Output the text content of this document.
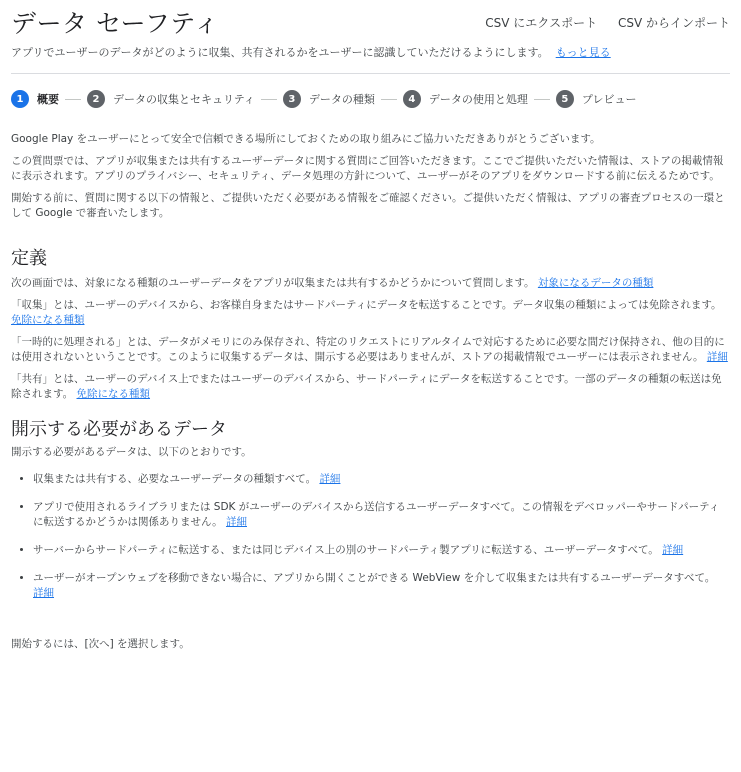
データ セーフティ	CSV にエクスポート CSV からインポート
アプリでユーザーのデータがどのように収集、共有されるかをユーザーに認識していただけるようにします。 もっと見る
1	概要	2	データの収集とセキュリティ	3	データの種類	4	データの使用と処理	5	プレビュー

Google Play をユーザーにとって安全で信頼できる場所にしておくための取り組みにご協力いただきありがとうございます。

この質問票では、アプリが収集または共有するユーザーデータに関する質問にご回答いただきます。ここでご提供いただいた情報は、ストアの掲載情報に表示されます。アプリのプライバシー、セキュリティ、データ処理の方針について、ユーザーがそのアプリをダウンロードする前に伝えるためです。

開始する前に、質問に関する以下の情報と、ご提供いただく必要がある情報をご確認ください。ご提供いただく情報は、アプリの審査プロセスの一環として Google で審査いたします。

定義

次の画面では、対象になる種類のユーザーデータをアプリが収集または共有するかどうかについて質問します。 対象になるデータの種類

「収集」とは、ユーザーのデバイスから、お客様自身またはサードパーティにデータを転送することです。データ収集の種類によっては免除されます。 免除になる種類

「一時的に処理される」とは、データがメモリにのみ保存され、特定のリクエストにリアルタイムで対応するために必要な間だけ保持され、他の目的には使用されないということです。このように収集するデータは、開示する必要はありませんが、ストアの掲載情報でユーザーには表示されません。 詳細

「共有」とは、ユーザーのデバイス上でまたはユーザーのデバイスから、サードパーティにデータを転送することです。一部のデータの種類の転送は免除されます。 免除になる種類

開示する必要があるデータ

開示する必要があるデータは、以下のとおりです。

• 収集または共有する、必要なユーザーデータの種類すべて。 詳細
• アプリで使用されるライブラリまたは SDK がユーザーのデバイスから送信するユーザーデータすべて。この情報をデベロッパーやサードパーティに転送するかどうかは関係ありません。 詳細
• サーバーからサードパーティに転送する、または同じデバイス上の別のサードパーティ製アプリに転送する、ユーザーデータすべて。 詳細
• ユーザーがオープンウェブを移動できない場合に、アプリから開くことができる WebView を介して収集または共有するユーザーデータすべて。 詳細

開始するには、[次へ] を選択します。
